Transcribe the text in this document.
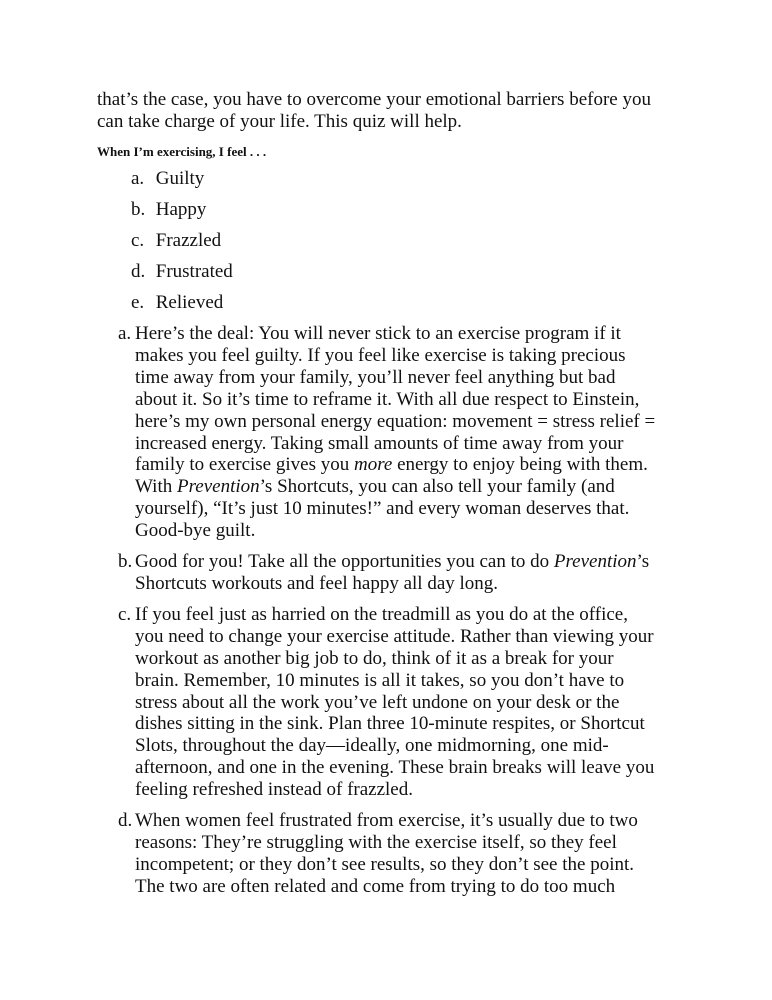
that’s the case, you have to overcome your emotional barriers before you can take charge of your life. This quiz will help.

When I’m exercising, I feel . . .

a. Guilty
b. Happy
c. Frazzled
d. Frustrated
e. Relieved
a. Here’s the deal: You will never stick to an exercise program if it makes you feel guilty. If you feel like exercise is taking precious time away from your family, you’ll never feel anything but bad about it. So it’s time to reframe it. With all due respect to Einstein, here’s my own personal energy equation: movement = stress relief = increased energy. Taking small amounts of time away from your family to exercise gives you more energy to enjoy being with them. With Prevention’s Shortcuts, you can also tell your family (and yourself), “It’s just 10 minutes!” and every woman deserves that. Good-bye guilt.
b. Good for you! Take all the opportunities you can to do Prevention’s Shortcuts workouts and feel happy all day long.
c. If you feel just as harried on the treadmill as you do at the office, you need to change your exercise attitude. Rather than viewing your workout as another big job to do, think of it as a break for your brain. Remember, 10 minutes is all it takes, so you don’t have to stress about all the work you’ve left undone on your desk or the dishes sitting in the sink. Plan three 10-minute respites, or Shortcut Slots, throughout the day—ideally, one midmorning, one mid-afternoon, and one in the evening. These brain breaks will leave you feeling refreshed instead of frazzled.
d. When women feel frustrated from exercise, it’s usually due to two reasons: They’re struggling with the exercise itself, so they feel incompetent; or they don’t see results, so they don’t see the point. The two are often related and come from trying to do too much
